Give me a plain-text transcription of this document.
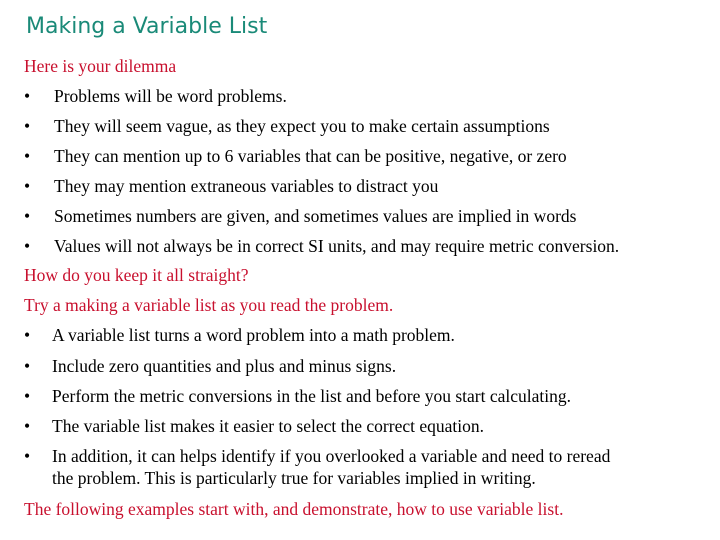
Making a Variable List
Here is your dilemma
• Problems will be word problems.
• They will seem vague, as they expect you to make certain assumptions
• They can mention up to 6 variables that can be positive, negative, or zero
• They may mention extraneous variables to distract you
• Sometimes numbers are given, and sometimes values are implied in words
• Values will not always be in correct SI units, and may require metric conversion.
How do you keep it all straight?
Try a making a variable list as you read the problem.
• A variable list turns a word problem into a math problem.
• Include zero quantities and plus and minus signs.
• Perform the metric conversions in the list and before you start calculating.
• The variable list makes it easier to select the correct equation.
• In addition, it can helps identify if you overlooked a variable and need to reread
the problem. This is particularly true for variables implied in writing.
The following examples start with, and demonstrate, how to use variable list.
